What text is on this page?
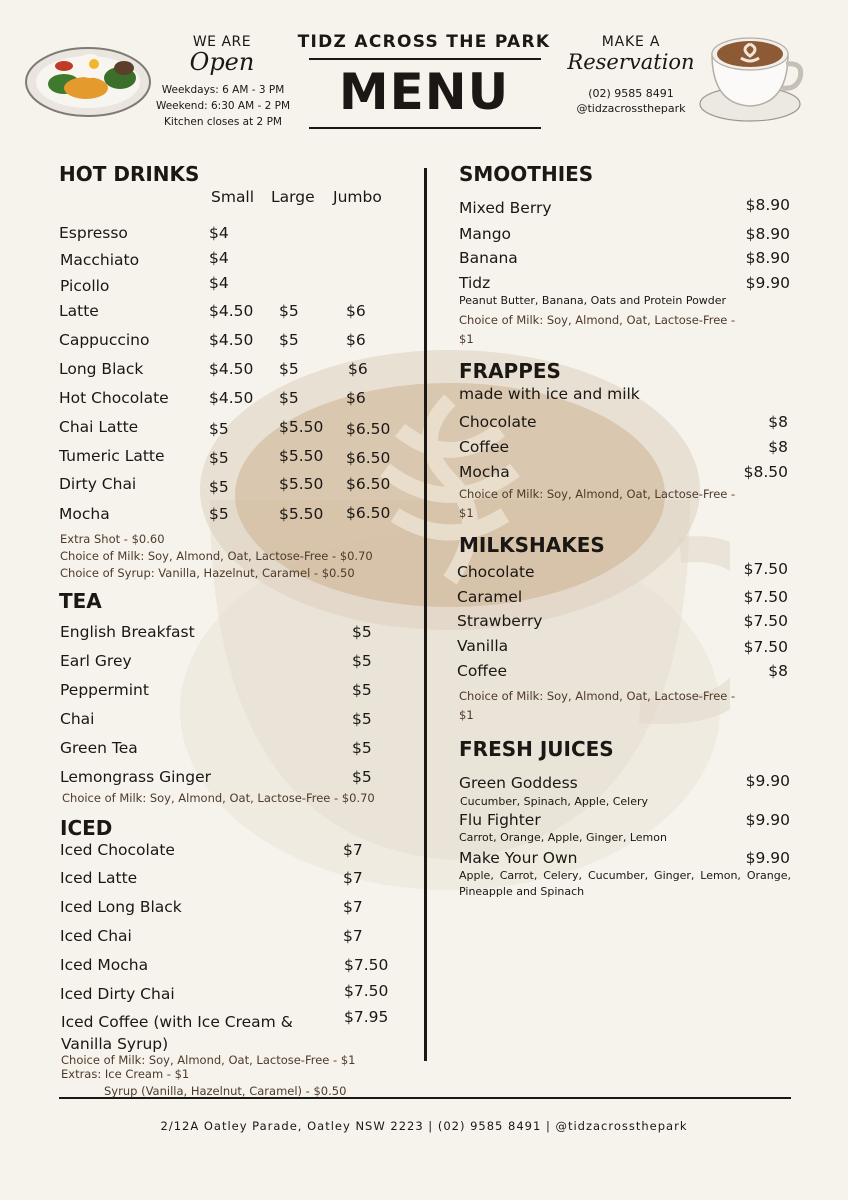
WE ARE
Open
Weekdays: 6 AM - 3 PM
Weekend: 6:30 AM - 2 PM
Kitchen closes at 2 PM
TIDZ ACROSS THE PARK
MENU
MAKE A
Reservation
(02) 9585 8491
@tidzacrossthepark
HOT DRINKS
Small Large Jumbo
Espresso	$4
Macchiato	$4
Picollo	$4
Latte	$4.50 $5	$6
Cappuccino	$4.50 $5	$6
Long Black	$4.50 $5	$6
Hot Chocolate	$4.50 $5	$6
Chai Latte	$5	$5.50 $6.50
Tumeric Latte	$5	$5.50 $6.50
Dirty Chai	$5	$5.50 $6.50
Mocha	$5	$5.50 $6.50
Extra Shot - $0.60
Choice of Milk: Soy, Almond, Oat, Lactose-Free - $0.70
Choice of Syrup: Vanilla, Hazelnut, Caramel - $0.50
TEA
English Breakfast	$5
Earl Grey	$5
Peppermint	$5
Chai	$5
Green Tea	$5
Lemongrass Ginger	$5
Choice of Milk: Soy, Almond, Oat, Lactose-Free - $0.70
ICED
Iced Chocolate	$7
Iced Latte	$7
Iced Long Black	$7
Iced Chai	$7
Iced Mocha	$7.50
Iced Dirty Chai	$7.50
Iced Coffee (with Ice Cream &	$7.95
Vanilla Syrup)
Choice of Milk: Soy, Almond, Oat, Lactose-Free - $1
Extras: Ice Cream - $1
Syrup (Vanilla, Hazelnut, Caramel) - $0.50
SMOOTHIES
Mixed Berry	$8.90
Mango	$8.90
Banana	$8.90
Tidz	$9.90
Peanut Butter, Banana, Oats and Protein Powder
Choice of Milk: Soy, Almond, Oat, Lactose-Free -
$1
FRAPPES
made with ice and milk
Chocolate	$8
Coffee	$8
Mocha	$8.50
Choice of Milk: Soy, Almond, Oat, Lactose-Free -
$1
MILKSHAKES
Chocolate	$7.50
Caramel	$7.50
Strawberry	$7.50
Vanilla	$7.50
Coffee	$8
Choice of Milk: Soy, Almond, Oat, Lactose-Free -
$1
FRESH JUICES
Green Goddess	$9.90
Cucumber, Spinach, Apple, Celery
Flu Fighter	$9.90
Carrot, Orange, Apple, Ginger, Lemon
Make Your Own	$9.90
Apple, Carrot, Celery, Cucumber, Ginger, Lemon, Orange,
Pineapple and Spinach
2/12A Oatley Parade, Oatley NSW 2223 | (02) 9585 8491 | @tidzacrossthepark
